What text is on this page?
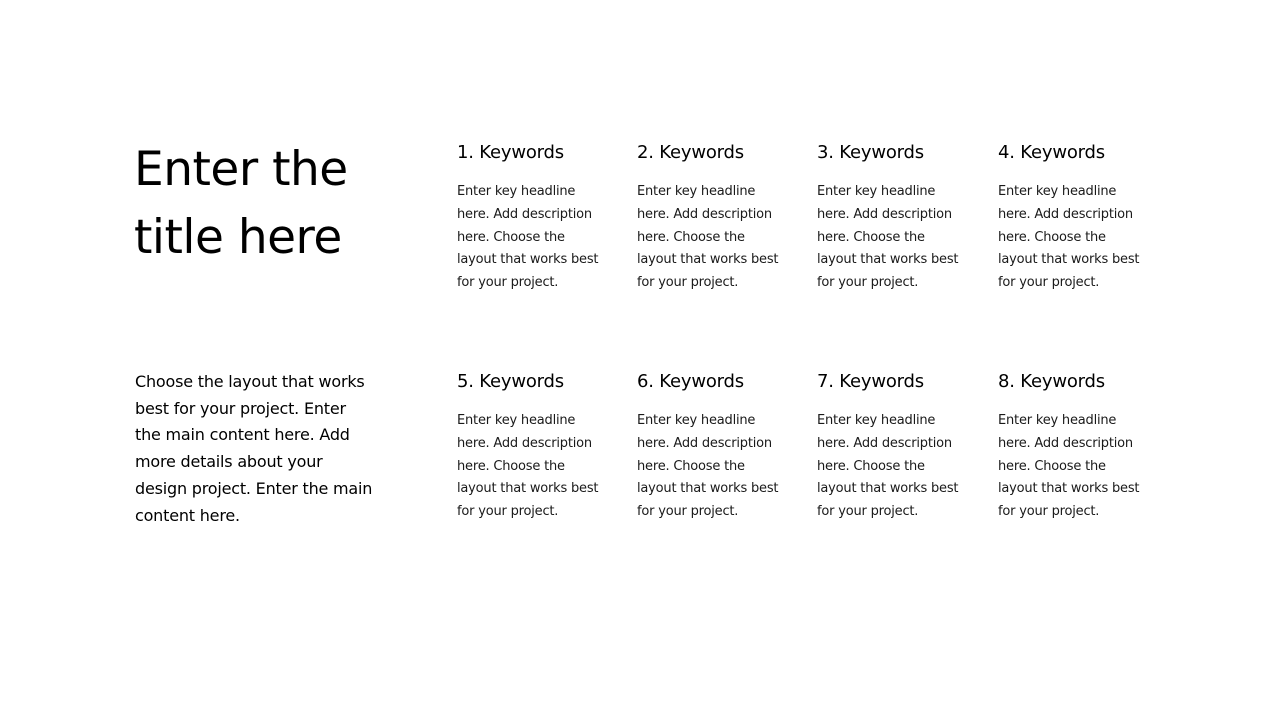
Enter the title here

Choose the layout that works best for your project. Enter the main content here. Add more details about your design project. Enter the main content here.

1. Keywords

Enter key headline here. Add description here. Choose the layout that works best for your project.

2. Keywords

Enter key headline here. Add description here. Choose the layout that works best for your project.

3. Keywords

Enter key headline here. Add description here. Choose the layout that works best for your project.

4. Keywords

Enter key headline here. Add description here. Choose the layout that works best for your project.

5. Keywords

Enter key headline here. Add description here. Choose the layout that works best for your project.

6. Keywords

Enter key headline here. Add description here. Choose the layout that works best for your project.

7. Keywords

Enter key headline here. Add description here. Choose the layout that works best for your project.

8. Keywords

Enter key headline here. Add description here. Choose the layout that works best for your project.
